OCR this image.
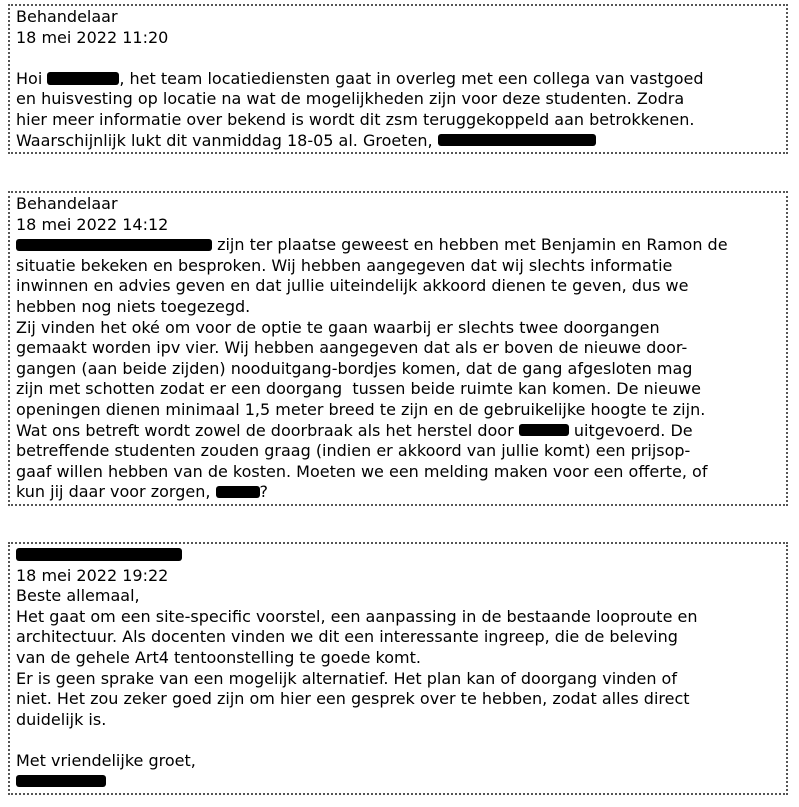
Behandelaar

18 mei 2022 11:20

Hoi	, het team locatiediensten gaat in overleg met een collega van vastgoed

en huisvesting op locatie na wat de mogelijkheden zijn voor deze studenten. Zodra

hier meer informatie over bekend is wordt dit zsm teruggekoppeld aan betrokkenen.

Waarschijnlijk lukt dit vanmiddag 18-05 al. Groeten,

Behandelaar

18 mei 2022 14:12

zijn ter plaatse geweest en hebben met Benjamin en Ramon de

situatie bekeken en besproken. Wij hebben aangegeven dat wij slechts informatie

inwinnen en advies geven en dat jullie uiteindelijk akkoord dienen te geven, dus we

hebben nog niets toegezegd.

Zij vinden het oké om voor de optie te gaan waarbij er slechts twee doorgangen

gemaakt worden ipv vier. Wij hebben aangegeven dat als er boven de nieuwe door-

gangen (aan beide zijden) nooduitgang-bordjes komen, dat de gang afgesloten mag

zijn met schotten zodat er een doorgang  tussen beide ruimte kan komen. De nieuwe

openingen dienen minimaal 1,5 meter breed te zijn en de gebruikelijke hoogte te zijn.

Wat ons betreft wordt zowel de doorbraak als het herstel door	uitgevoerd. De

betreffende studenten zouden graag (indien er akkoord van jullie komt) een prijsop-

gaaf willen hebben van de kosten. Moeten we een melding maken voor een offerte, of

kun jij daar voor zorgen,	?

18 mei 2022 19:22

Beste allemaal,

Het gaat om een site-specific voorstel, een aanpassing in de bestaande looproute en

architectuur. Als docenten vinden we dit een interessante ingreep, die de beleving

van de gehele Art4 tentoonstelling te goede komt.

Er is geen sprake van een mogelijk alternatief. Het plan kan of doorgang vinden of

niet. Het zou zeker goed zijn om hier een gesprek over te hebben, zodat alles direct

duidelijk is.

Met vriendelijke groet,
